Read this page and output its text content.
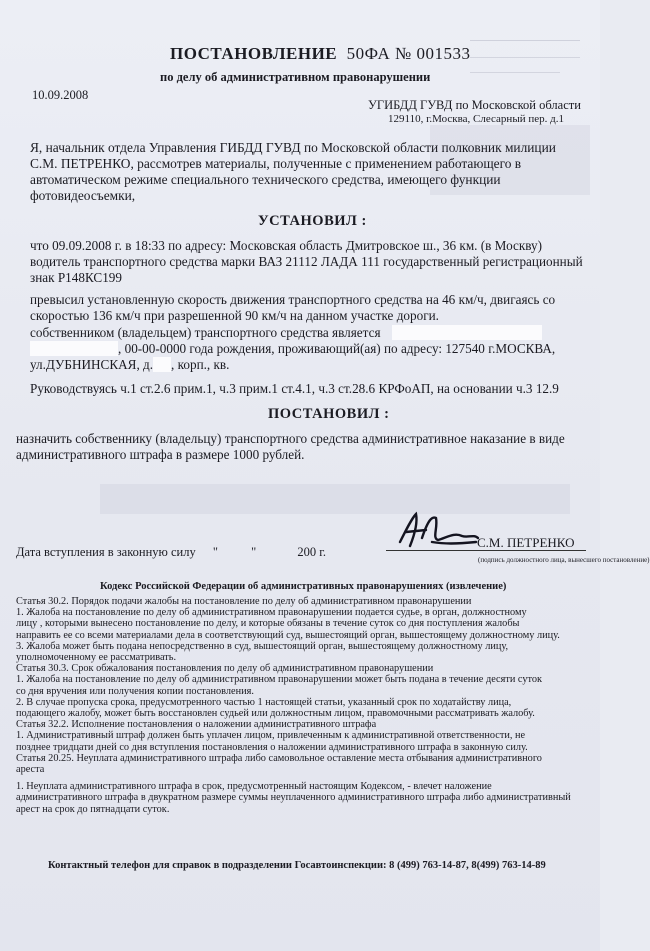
ПОСТАНОВЛЕНИЕ 50ФА № 001533
по делу об административном правонарушении
10.09.2008
УГИБДД ГУВД по Московской области
129110, г.Москва, Слесарный пер. д.1
Я, начальник отдела Управления ГИБДД ГУВД по Московской области полковник милиции
С.М. ПЕТРЕНКО, рассмотрев материалы, полученные с применением работающего в
автоматическом режиме специального технического средства, имеющего функции
фотовидеосъемки,
УСТАНОВИЛ :
что 09.09.2008 г. в 18:33 по адресу: Московская область Дмитровское ш., 36 км. (в Москву)
водитель транспортного средства марки ВАЗ 21112 ЛАДА 111 государственный регистрационный
знак Р148КС199
превысил установленную скорость движения транспортного средства на 46 км/ч, двигаясь со
скоростью 136 км/ч при разрешенной 90 км/ч на данном участке дороги.
собственником (владельцем) транспортного средства является
, 00-00-0000 года рождения, проживающий(ая) по адресу: 127540 г.МОСКВА,
ул.ДУБНИНСКАЯ, д. , корп., кв.
Руководствуясь ч.1 ст.2.6 прим.1, ч.3 прим.1 ст.4.1, ч.3 ст.28.6 КРФоАП, на основании ч.3 12.9
ПОСТАНОВИЛ :
назначить собственнику (владельцу) транспортного средства административное наказание в виде
административного штрафа в размере 1000 рублей.
Дата вступления в законную силу "	"	200 г.
С.М. ПЕТРЕНКО
(подпись должностного лица, вынесшего постановление)
Кодекс Российской Федерации об административных правонарушениях (извлечение)
Статья 30.2. Порядок подачи жалобы на постановление по делу об административном правонарушении
1. Жалоба на постановление по делу об административном правонарушении подается судье, в орган, должностному
лицу , которыми вынесено постановление по делу, и которые обязаны в течение суток со дня поступления жалобы
направить ее со всеми материалами дела в соответствующий суд, вышестоящий орган, вышестоящему должностному лицу.
3. Жалоба может быть подана непосредственно в суд, вышестоящий орган, вышестоящему должностному лицу,
уполномоченному ее рассматривать.
Статья 30.3. Срок обжалования постановления по делу об административном правонарушении
1. Жалоба на постановление по делу об административном правонарушении может быть подана в течение десяти суток
со дня вручения или получения копии постановления.
2. В случае пропуска срока, предусмотренного частью 1 настоящей статьи, указанный срок по ходатайству лица,
подающего жалобу, может быть восстановлен судьей или должностным лицом, правомочными рассматривать жалобу.
Статья 32.2. Исполнение постановления о наложении административного штрафа
1. Административный штраф должен быть уплачен лицом, привлеченным к административной ответственности, не
позднее тридцати дней со дня вступления постановления о наложении административного штрафа в законную силу.
Статья 20.25. Неуплата административного штрафа либо самовольное оставление места отбывания административного
ареста
1. Неуплата административного штрафа в срок, предусмотренный настоящим Кодексом, - влечет наложение
административного штрафа в двукратном размере суммы неуплаченного административного штрафа либо административный
арест на срок до пятнадцати суток.
Контактный телефон для справок в подразделении Госавтоинспекции: 8 (499) 763-14-87, 8(499) 763-14-89
